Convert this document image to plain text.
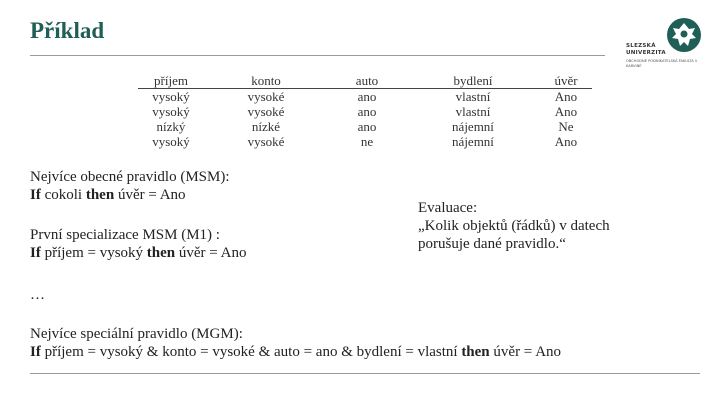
Příklad
SLEZSKÁ
UNIVERZITA
OBCHODNĚ PODNIKATELSKÁ FAKULTA V KARVINÉ
příjem	konto	auto	bydlení	úvěr
vysoký	vysoké	ano	vlastní	Ano
vysoký	vysoké	ano	vlastní	Ano
nízký	nízké	ano	nájemní	Ne
vysoký	vysoké	ne	nájemní	Ano
Nejvíce obecné pravidlo (MSM):
If cokoli then úvěr = Ano
První specializace MSM (M1) :
If příjem = vysoký then úvěr = Ano
Evaluace:
„Kolik objektů (řádků) v datech
porušuje dané pravidlo.“
…
Nejvíce speciální pravidlo (MGM):
If příjem = vysoký & konto = vysoké & auto = ano & bydlení = vlastní then úvěr = Ano
